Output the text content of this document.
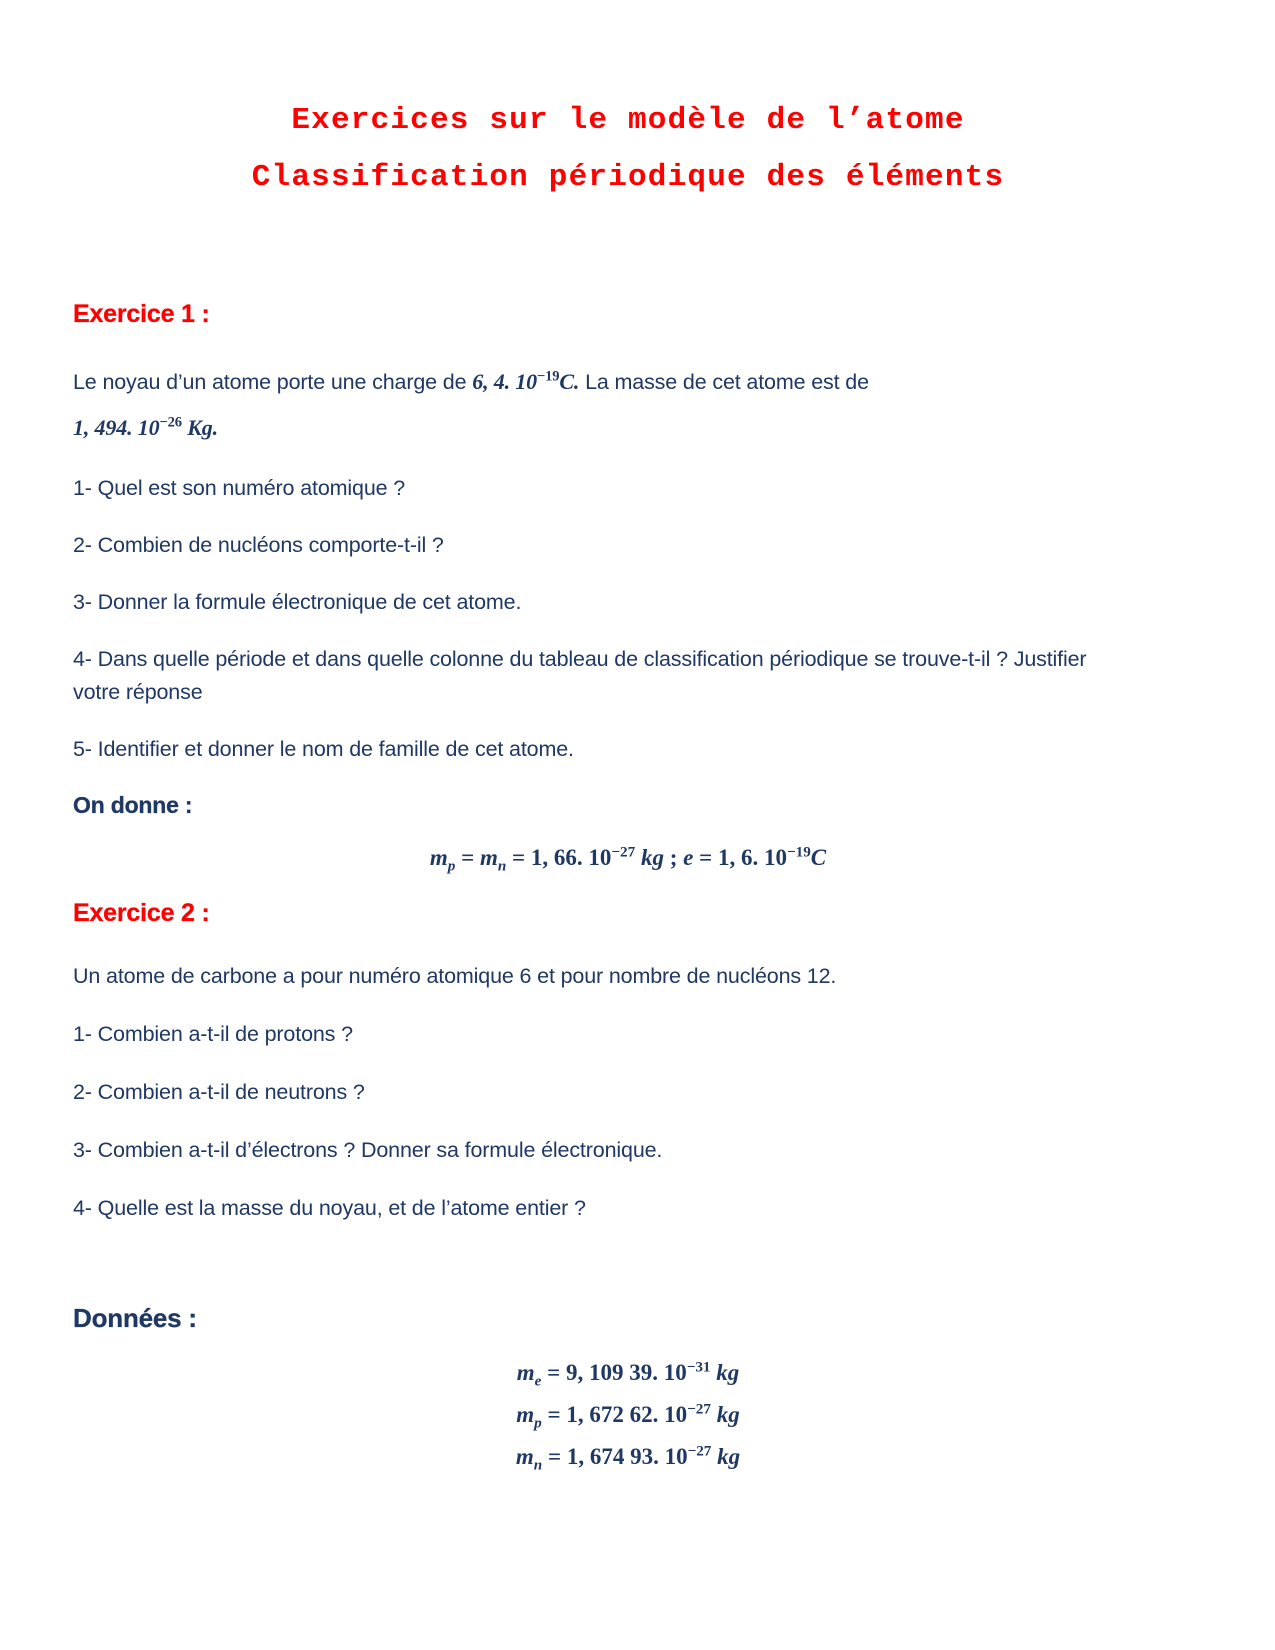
Exercices sur le modèle de l’atome
Classification périodique des éléments
Exercice 1 :
Le noyau d’un atome porte une charge de 6, 4. $10^{-19}C$. La masse de cet atome est de
1, 494. $10^{-26}$ Kg.
1- Quel est son numéro atomique ?
2- Combien de nucléons comporte-t-il ?
3- Donner la formule électronique de cet atome.
4- Dans quelle période et dans quelle colonne du tableau de classification périodique se trouve-t-il ? Justifier votre réponse
5- Identifier et donner le nom de famille de cet atome.
On donne :
$m_p = m_n = 1$, 66. $10^{-27}$ kg ; e = 1, 6. $10^{-19}C$
Exercice 2 :
Un atome de carbone a pour numéro atomique 6 et pour nombre de nucléons 12.
1- Combien a-t-il de protons ?
2- Combien a-t-il de neutrons ?
3- Combien a-t-il d’électrons ? Donner sa formule électronique.
4- Quelle est la masse du noyau, et de l’atome entier ?
Données :
$m_e = 9$, 109 39. $10^{-31}$ kg
$m_p = 1$, 672 62. $10^{-27}$ kg
$m_n = 1$, 674 93. $10^{-27}$ kg
